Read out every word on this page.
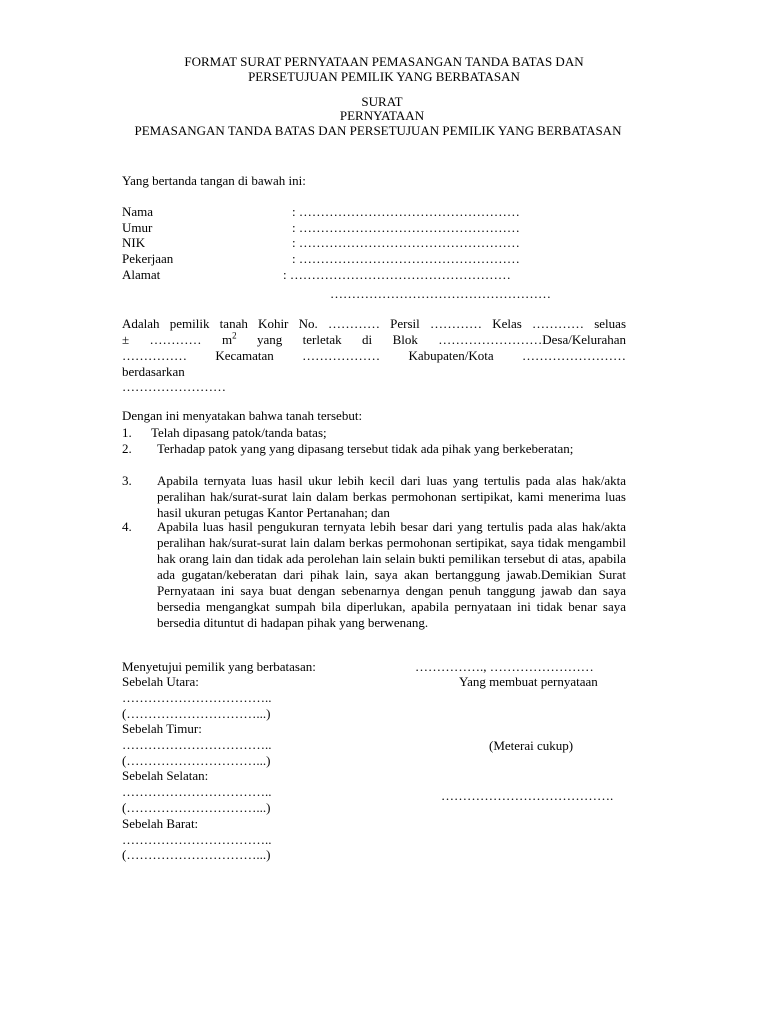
FORMAT SURAT PERNYATAAN PEMASANGAN TANDA BATAS DAN
PERSETUJUAN PEMILIK YANG BERBATASAN
SURAT
PERNYATAAN
PEMASANGAN TANDA BATAS DAN PERSETUJUAN PEMILIK YANG BERBATASAN
Yang bertanda tangan di bawah ini:
Nama	: ……………………………………………
Umur	: ……………………………………………
NIK	: ……………………………………………
Pekerjaan	: ……………………………………………
Alamat	: ……………………………………………
……………………………………………
Adalah pemilik tanah Kohir No. ………… Persil ………… Kelas ………… seluas
± ………… $m^2$ yang terletak di Blok ……………………Desa/Kelurahan
…………… Kecamatan ……………… Kabupaten/Kota ……………………
berdasarkan
……………………
Dengan ini menyatakan bahwa tanah tersebut:
1. Telah dipasang patok/tanda batas;
2. Terhadap patok yang yang dipasang tersebut tidak ada pihak yang berkeberatan;
3. Apabila ternyata luas hasil ukur lebih kecil dari luas yang tertulis pada alas hak/akta peralihan hak/surat-surat lain dalam berkas permohonan sertipikat, kami menerima luas hasil ukuran petugas Kantor Pertanahan; dan
4. Apabila luas hasil pengukuran ternyata lebih besar dari yang tertulis pada alas hak/akta peralihan hak/surat-surat lain dalam berkas permohonan sertipikat, saya tidak mengambil hak orang lain dan tidak ada perolehan lain selain bukti pemilikan tersebut di atas, apabila ada gugatan/keberatan dari pihak lain, saya akan bertanggung jawab.Demikian Surat Pernyataan ini saya buat dengan sebenarnya dengan penuh tanggung jawab dan saya bersedia mengangkat sumpah bila diperlukan, apabila pernyataan ini tidak benar saya bersedia dituntut di hadapan pihak yang berwenang.
Menyetujui pemilik yang berbatasan:	……………., ……………………
Yang membuat pernyataan
(Meterai cukup)
………………………………….
Sebelah Utara:
……………………………..
(…………………………...)
Sebelah Timur:
……………………………..
(…………………………...)
Sebelah Selatan:
……………………………..
(…………………………...)
Sebelah Barat:
……………………………..
(…………………………...)
